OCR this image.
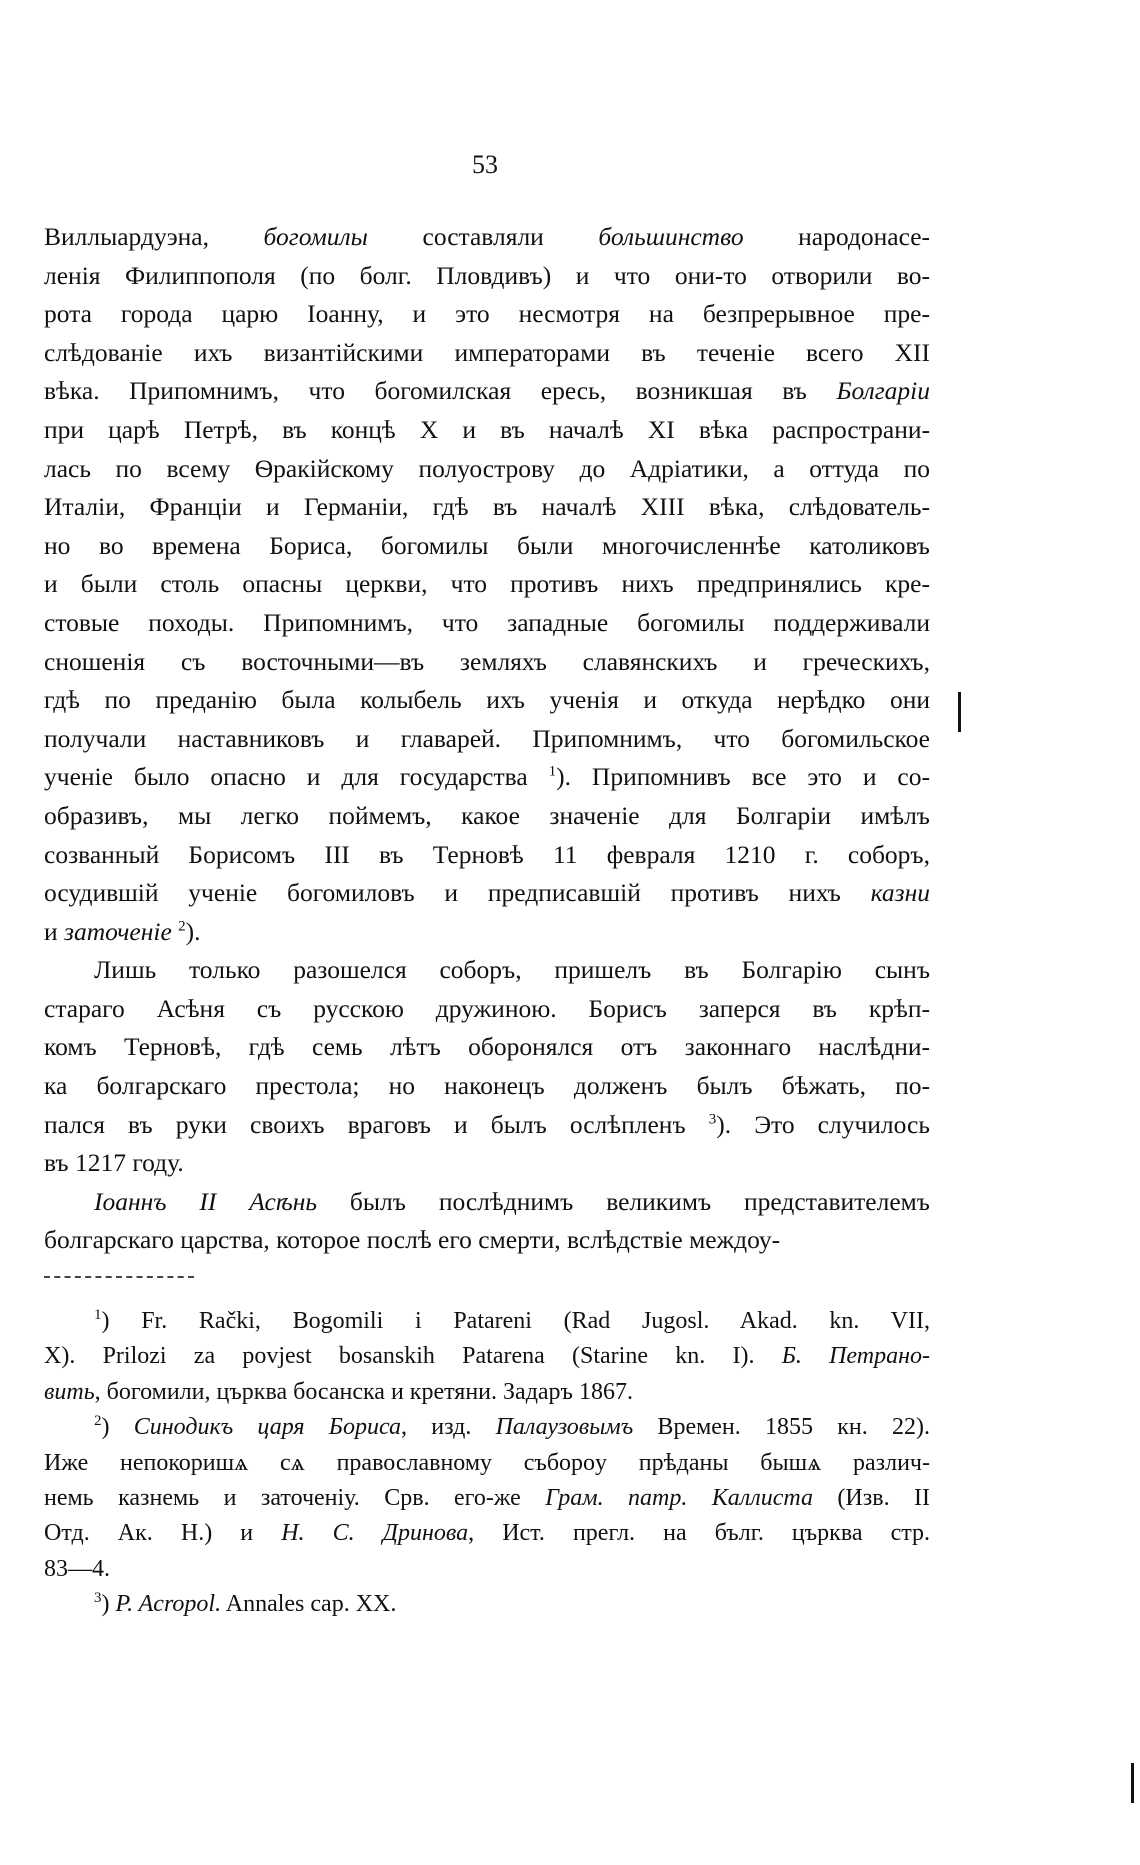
53

Виллыардуэна, богомилы составляли большинство народонасе-
ленія Филиппополя (по болг. Пловдивъ) и что они-то отворили во-
рота города царю Іоанну, и это несмотря на безпрерывное пре-
слѣдованіе ихъ византійскими императорами въ теченіе всего XII
вѣка. Припомнимъ, что богомилская ересь, возникшая въ Болгаріи
при царѣ Петрѣ, въ концѣ X и въ началѣ XI вѣка распространи-
лась по всему Ѳракійскому полуострову до Адріатики, а оттуда по
Италіи, Франціи и Германіи, гдѣ въ началѣ XIII вѣка, слѣдователь-
но во времена Бориса, богомилы были многочисленнѣе католиковъ
и были столь опасны церкви, что противъ нихъ предпринялись кре-
стовые походы. Припомнимъ, что западные богомилы поддерживали
сношенія съ восточными—въ земляхъ славянскихъ и греческихъ,
гдѣ по преданію была колыбель ихъ ученія и откуда нерѣдко они
получали наставниковъ и главарей. Припомнимъ, что богомильское
ученіе было опасно и для государства $^1$). Припомнивъ все это и со-
образивъ, мы легко поймемъ, какое значеніе для Болгаріи имѣлъ
созванный Борисомъ III въ Терновѣ 11 февраля 1210 г. соборъ,
осудившій ученіе богомиловъ и предписавшій противъ нихъ казни
и заточеніе $^2$).

Лишь только разошелся соборъ, пришелъ въ Болгарію сынъ
стараго Асѣня съ русскою дружиною. Борисъ заперся въ крѣп-
комъ Терновѣ, гдѣ семь лѣтъ оборонялся отъ законнаго наслѣдни-
ка болгарскаго престола; но наконецъ долженъ былъ бѣжать, по-
пался въ руки своихъ враговъ и былъ ослѣпленъ $^3$). Это случилось
въ 1217 году.

Іоаннъ II Асѣнь былъ послѣднимъ великимъ представителемъ
болгарскаго царства, которое послѣ его смерти, вслѣдствіе междоу-

$^1$) Fr. Rački, Bogomili i Patareni (Rad Jugosl. Akad. kn. VII,
X). Prilozi za povjest bosanskih Patarena (Starine kn. I). Б. Петрано-
вить, богомили, църква босанска и кретяни. Задаръ 1867.
$^2$) Синодикъ царя Бориса, изд. Палаузовымъ Времен. 1855 кн. 22).
Иже непокоришѧ сѧ православному съборoу прѣданы бышѧ различ-
немь казнемь и заточеніу. Срв. его-же Грам. патр. Каллиста (Изв. II
Отд. Ак. Н.) и Н. С. Дринова, Ист. прегл. на бълг. църква стр.
83—4.
$^3$) P. Acropol. Annales cap. XX.
